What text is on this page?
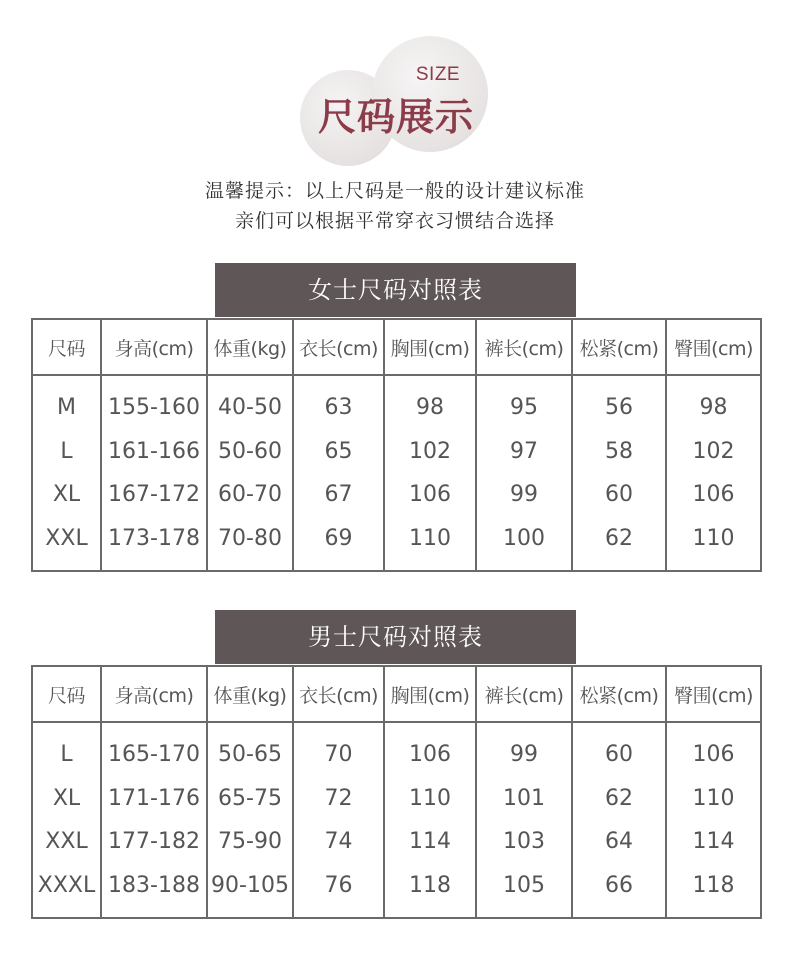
SIZE
尺码展示
温馨提示：以上尺码是一般的设计建议标准
亲们可以根据平常穿衣习惯结合选择
女士尺码对照表
尺码	身高(cm)	体重(kg)	衣长(cm)	胸围(cm)	裤长(cm)	松紧(cm)	臀围(cm)
M	155-160	40-50	63	98	95	56	98
L	161-166	50-60	65	102	97	58	102
XL	167-172	60-70	67	106	99	60	106
XXL	173-178	70-80	69	110	100	62	110
男士尺码对照表
尺码	身高(cm)	体重(kg)	衣长(cm)	胸围(cm)	裤长(cm)	松紧(cm)	臀围(cm)
L	165-170	50-65	70	106	99	60	106
XL	171-176	65-75	72	110	101	62	110
XXL	177-182	75-90	74	114	103	64	114
XXXL	183-188	90-105	76	118	105	66	118
